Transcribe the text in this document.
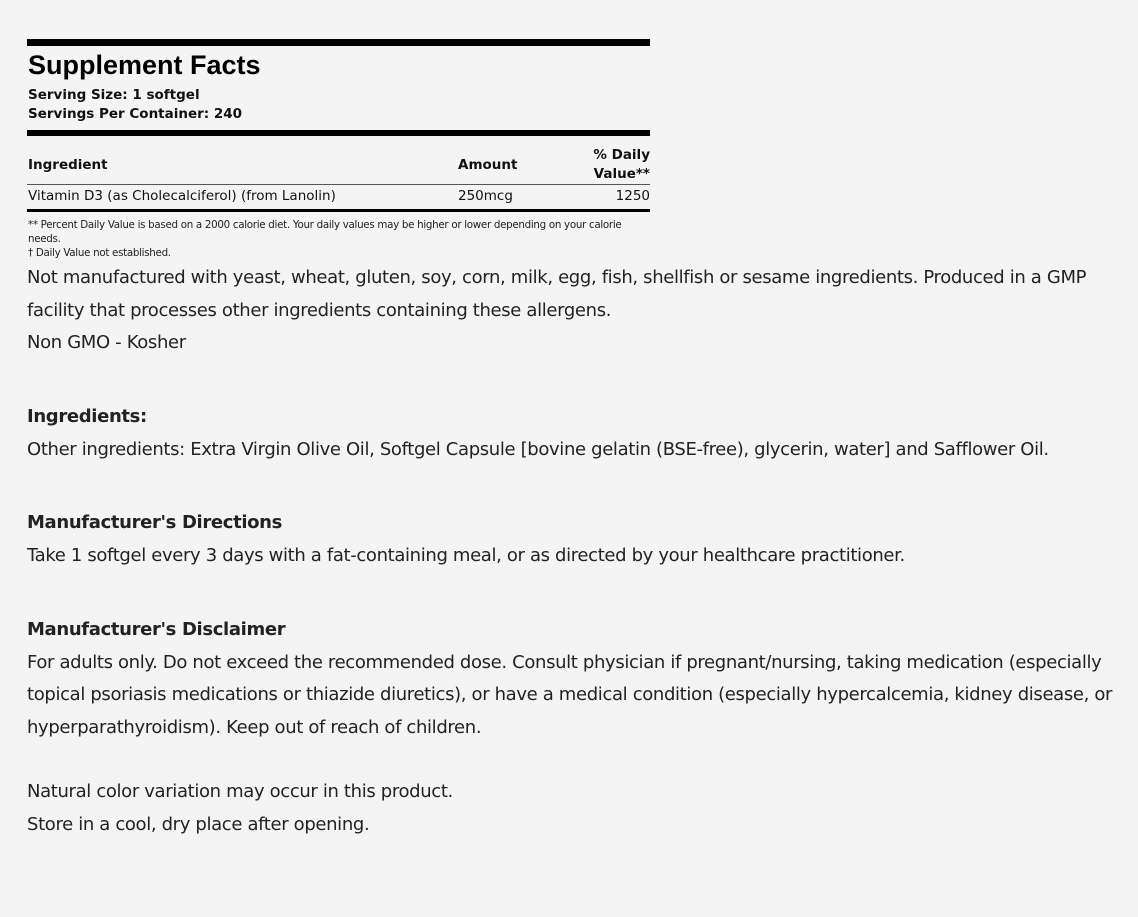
Supplement Facts
Serving Size: 1 softgel
Servings Per Container: 240
Ingredient	Amount	% Daily Value**
Vitamin D3 (as Cholecalciferol) (from Lanolin)	250mcg	1250
** Percent Daily Value is based on a 2000 calorie diet. Your daily values may be higher or lower depending on your calorie needs.
† Daily Value not established.

Not manufactured with yeast, wheat, gluten, soy, corn, milk, egg, fish, shellfish or sesame ingredients. Produced in a GMP facility that processes other ingredients containing these allergens.

Non GMO - Kosher

Ingredients:

Other ingredients: Extra Virgin Olive Oil, Softgel Capsule [bovine gelatin (BSE-free), glycerin, water] and Safflower Oil.

Manufacturer's Directions

Take 1 softgel every 3 days with a fat-containing meal, or as directed by your healthcare practitioner.

Manufacturer's Disclaimer

For adults only. Do not exceed the recommended dose. Consult physician if pregnant/nursing, taking medication (especially topical psoriasis medications or thiazide diuretics), or have a medical condition (especially hypercalcemia, kidney disease, or hyperparathyroidism). Keep out of reach of children.

Natural color variation may occur in this product.

Store in a cool, dry place after opening.
